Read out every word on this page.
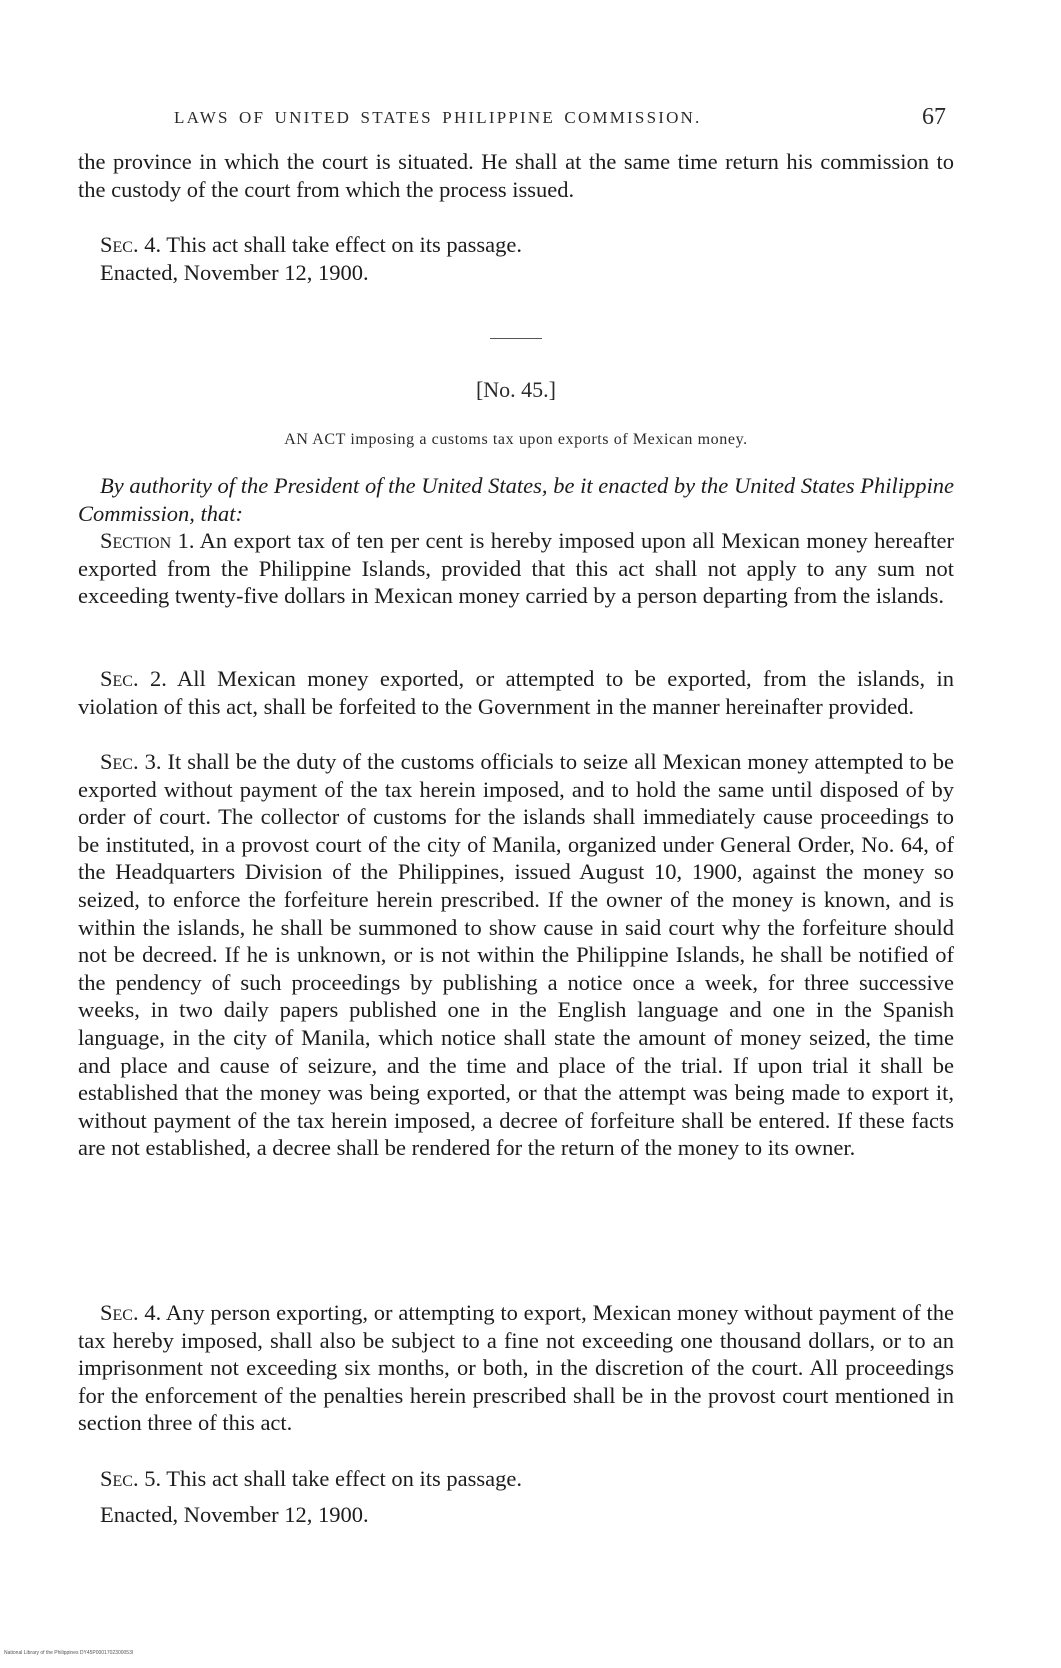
LAWS OF UNITED STATES PHILIPPINE COMMISSION.	67

the province in which the court is situated. He shall at the same time return his commission to the custody of the court from which the process issued.

Sec. 4. This act shall take effect on its passage.

Enacted, November 12, 1900.

[No. 45.]
AN ACT imposing a customs tax upon exports of Mexican money.

By authority of the President of the United States, be it enacted by the United States Philippine Commission, that:

Section 1. An export tax of ten per cent is hereby imposed upon all Mexican money hereafter exported from the Philippine Islands, provided that this act shall not apply to any sum not exceeding twenty-five dollars in Mexican money carried by a person departing from the islands.

Sec. 2. All Mexican money exported, or attempted to be exported, from the islands, in violation of this act, shall be forfeited to the Government in the manner hereinafter provided.

Sec. 3. It shall be the duty of the customs officials to seize all Mexican money attempted to be exported without payment of the tax herein imposed, and to hold the same until disposed of by order of court. The collector of customs for the islands shall immediately cause proceedings to be instituted, in a provost court of the city of Manila, organized under General Order, No. 64, of the Headquarters Division of the Philippines, issued August 10, 1900, against the money so seized, to enforce the forfeiture herein prescribed. If the owner of the money is known, and is within the islands, he shall be summoned to show cause in said court why the forfeiture should not be decreed. If he is unknown, or is not within the Philippine Islands, he shall be notified of the pendency of such proceedings by publishing a notice once a week, for three successive weeks, in two daily papers published one in the English language and one in the Spanish language, in the city of Manila, which notice shall state the amount of money seized, the time and place and cause of seizure, and the time and place of the trial. If upon trial it shall be established that the money was being exported, or that the attempt was being made to export it, without payment of the tax herein imposed, a decree of forfeiture shall be entered. If these facts are not established, a decree shall be rendered for the return of the money to its owner.

Sec. 4. Any person exporting, or attempting to export, Mexican money without payment of the tax hereby imposed, shall also be subject to a fine not exceeding one thousand dollars, or to an imprisonment not exceeding six months, or both, in the discretion of the court. All proceedings for the enforcement of the penalties herein prescribed shall be in the provost court mentioned in section three of this act.

Sec. 5. This act shall take effect on its passage.

Enacted, November 12, 1900.

National Library of the Philippines DY45P0001702300053I
